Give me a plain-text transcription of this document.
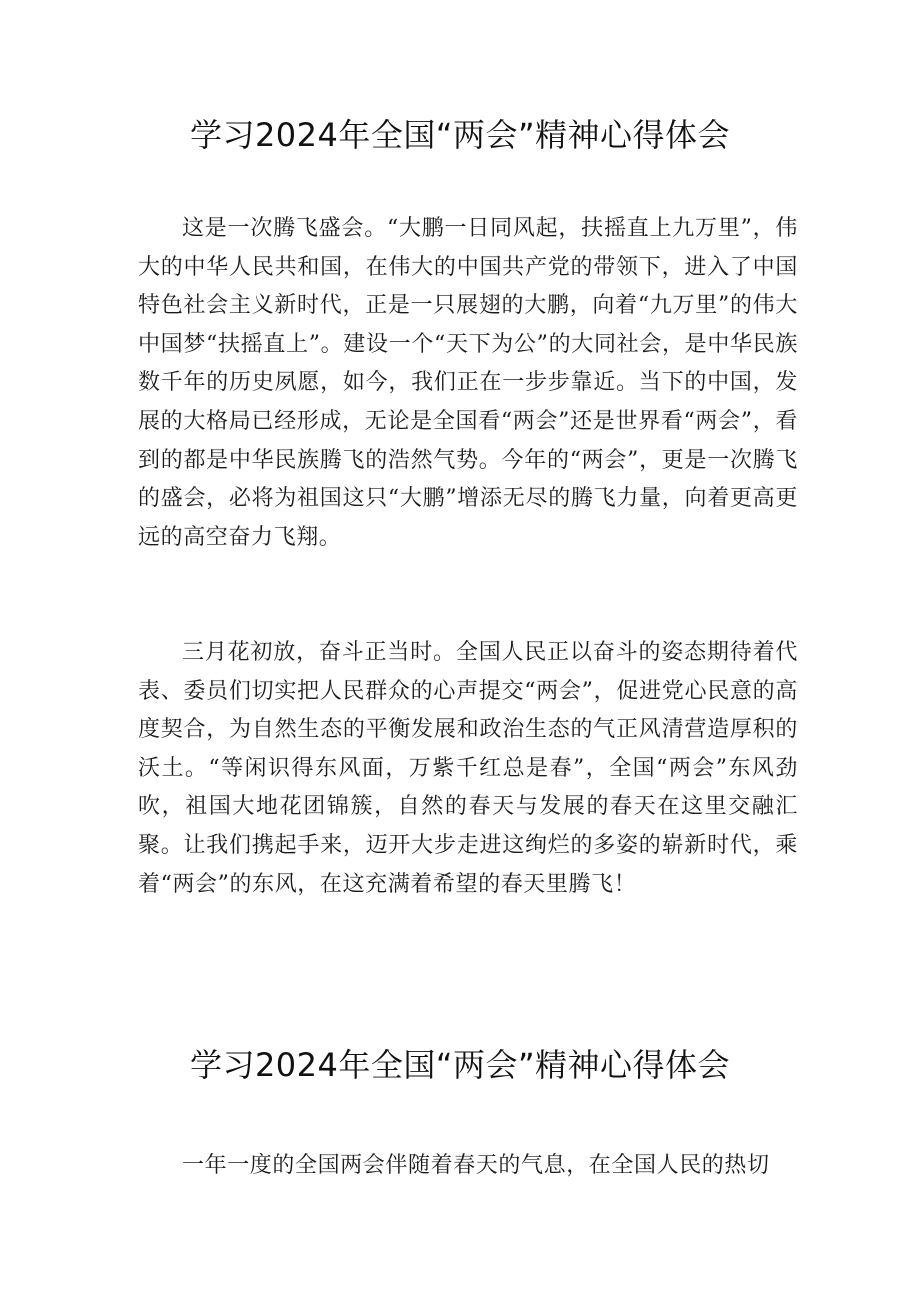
学习2024年全国“两会”精神心得体会

这是一次腾飞盛会。“大鹏一日同风起，扶摇直上九万里”，伟大的中华人民共和国，在伟大的中国共产党的带领下，进入了中国特色社会主义新时代，正是一只展翅的大鹏，向着“九万里”的伟大中国梦“扶摇直上”。建设一个“天下为公”的大同社会，是中华民族数千年的历史夙愿，如今，我们正在一步步靠近。当下的中国，发展的大格局已经形成，无论是全国看“两会”还是世界看“两会”，看到的都是中华民族腾飞的浩然气势。今年的“两会”，更是一次腾飞的盛会，必将为祖国这只“大鹏”增添无尽的腾飞力量，向着更高更远的高空奋力飞翔。

三月花初放，奋斗正当时。全国人民正以奋斗的姿态期待着代表、委员们切实把人民群众的心声提交“两会”，促进党心民意的高度契合，为自然生态的平衡发展和政治生态的气正风清营造厚积的沃土。“等闲识得东风面，万紫千红总是春”，全国“两会”东风劲吹，祖国大地花团锦簇，自然的春天与发展的春天在这里交融汇聚。让我们携起手来，迈开大步走进这绚烂的多姿的崭新时代，乘着“两会”的东风，在这充满着希望的春天里腾飞！

学习2024年全国“两会”精神心得体会

一年一度的全国两会伴随着春天的气息，在全国人民的热切
